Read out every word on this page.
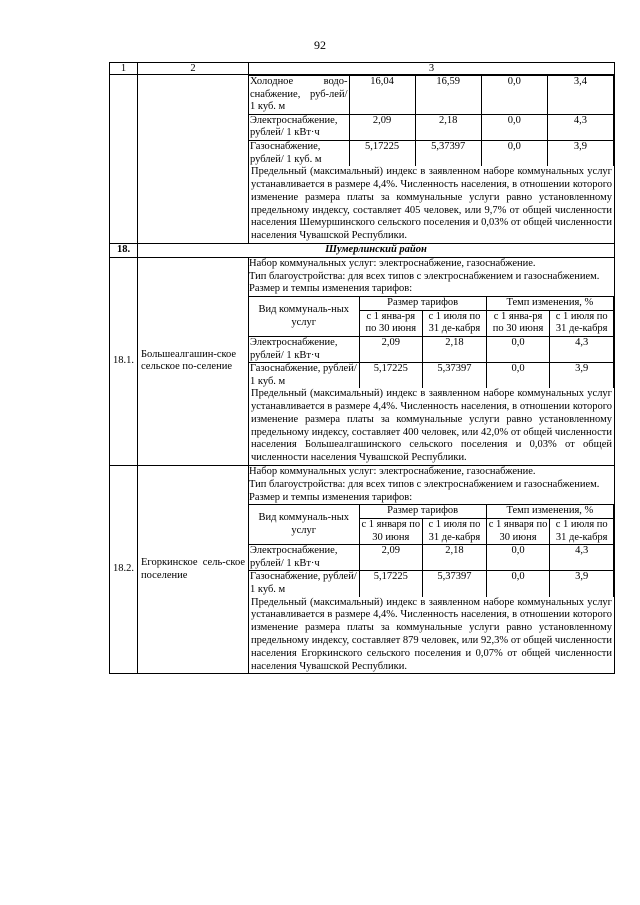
92
1	2	3

Холодное водо-снабжение, руб-лей/ 1 куб. м	16,04	16,59	0,0	3,4
Электроснабжение, рублей/ 1 кВт·ч	2,09	2,18	0,0	4,3
Газоснабжение, рублей/ 1 куб. м	5,17225	5,37397	0,0	3,9
Предельный (максимальный) индекс в заявленном наборе коммунальных услуг устанавливается в размере 4,4%. Численность населения, в отношении которого изменение размера платы за коммунальные услуги равно установленному предельному индексу, составляет 405 человек, или 9,7% от общей численности населения Шемуршинского сельского поселения и 0,03% от общей численности населения Чувашской Республики.

18.	Шумерлинский район
18.1.	Большеалгашин-ское сельское по-селение	
Набор коммунальных услуг: электроснабжение, газоснабжение.
Тип благоустройства: для всех типов с электроснабжением и газоснабжением.
Размер и темпы изменения тарифов:
Вид коммуналь-ных услуг	Размер тарифов	Темп изменения, %
с 1 янва-ря по 30 июня	с 1 июля по 31 де-кабря	с 1 янва-ря по 30 июня	с 1 июля по 31 де-кабря
Электроснабжение, рублей/ 1 кВт·ч	2,09	2,18	0,0	4,3
Газоснабжение, рублей/ 1 куб. м	5,17225	5,37397	0,0	3,9
Предельный (максимальный) индекс в заявленном наборе коммунальных услуг устанавливается в размере 4,4%. Численность населения, в отношении которого изменение размера платы за коммунальные услуги равно установленному предельному индексу, составляет 400 человек, или 42,0% от общей численности населения Большеалгашинского сельского поселения и 0,03% от общей численности населения Чувашской Республики.

18.2.	Егоркинское сель-ское поселение	
Набор коммунальных услуг: электроснабжение, газоснабжение.
Тип благоустройства: для всех типов с электроснабжением и газоснабжением.
Размер и темпы изменения тарифов:
Вид коммуналь-ных услуг	Размер тарифов	Темп изменения, %
с 1 января по 30 июня	с 1 июля по 31 де-кабря	с 1 января по 30 июня	с 1 июля по 31 де-кабря
Электроснабжение, рублей/ 1 кВт·ч	2,09	2,18	0,0	4,3
Газоснабжение, рублей/ 1 куб. м	5,17225	5,37397	0,0	3,9
Предельный (максимальный) индекс в заявленном наборе коммунальных услуг устанавливается в размере 4,4%. Численность населения, в отношении которого изменение размера платы за коммунальные услуги равно установленному предельному индексу, составляет 879 человек, или 92,3% от общей численности населения Егоркинского сельского поселения и 0,07% от общей численности населения Чувашской Республики.
